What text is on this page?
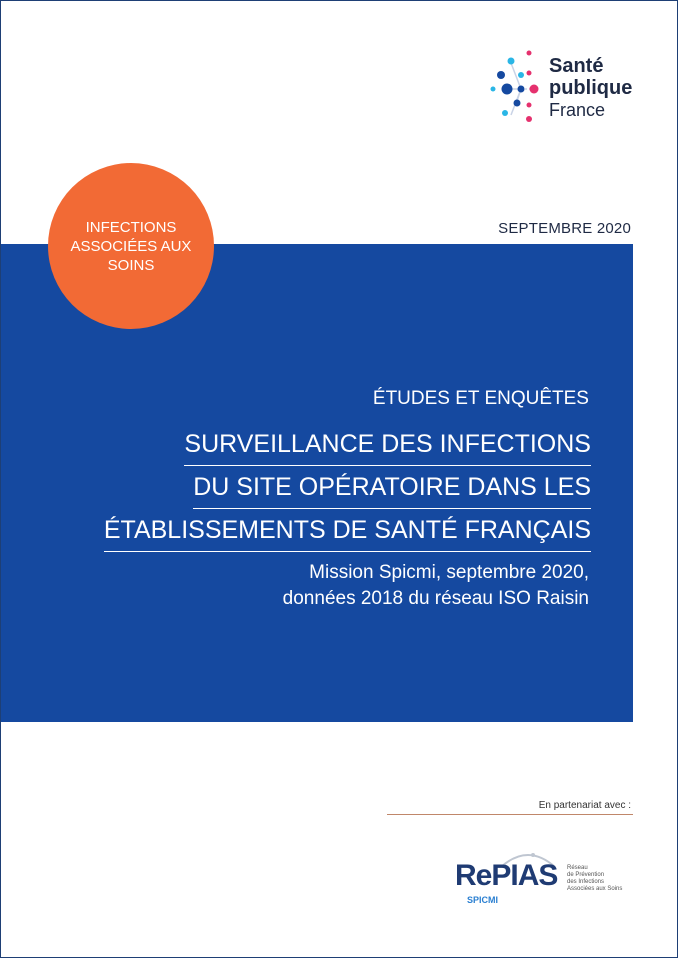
Santé
publique
France
SEPTEMBRE 2020
INFECTIONS ASSOCIÉES AUX SOINS
ÉTUDES ET ENQUÊTES
SURVEILLANCE DES INFECTIONS
DU SITE OPÉRATOIRE DANS LES
ÉTABLISSEMENTS DE SANTÉ FRANÇAIS
Mission Spicmi, septembre 2020,
données 2018 du réseau ISO Raisin
En partenariat avec :
RePIAS
SPICMI
Réseau
de Prévention
des Infections
Associées aux Soins
